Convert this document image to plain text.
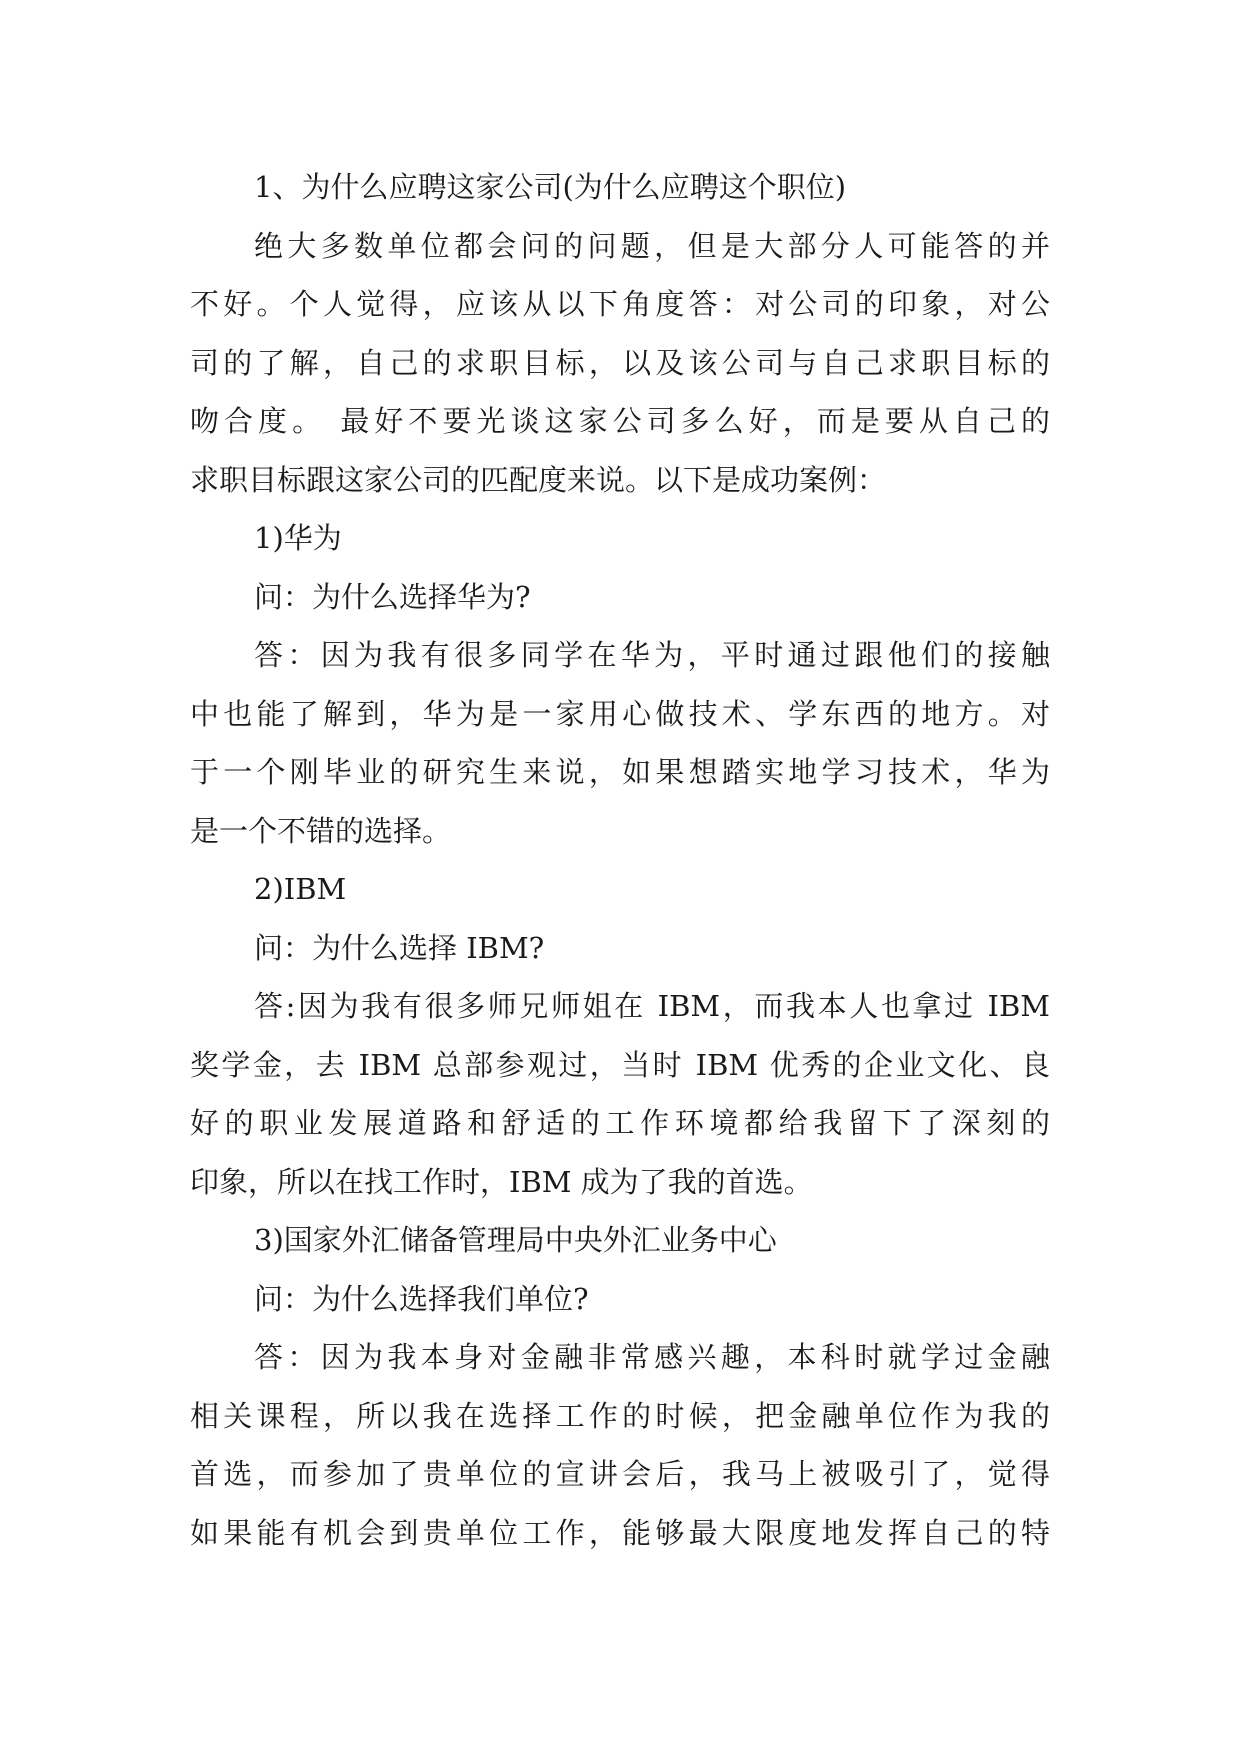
1、为什么应聘这家公司(为什么应聘这个职位)
绝大多数单位都会问的问题，但是大部分人可能答的并
不好。个人觉得，应该从以下角度答：对公司的印象，对公
司的了解，自己的求职目标，以及该公司与自己求职目标的
吻合度。 最好不要光谈这家公司多么好，而是要从自己的
求职目标跟这家公司的匹配度来说。以下是成功案例：
1)华为
问：为什么选择华为?
答：因为我有很多同学在华为，平时通过跟他们的接触
中也能了解到，华为是一家用心做技术、学东西的地方。对
于一个刚毕业的研究生来说，如果想踏实地学习技术，华为
是一个不错的选择。
2)IBM
问：为什么选择 IBM?
答:因为我有很多师兄师姐在 IBM，而我本人也拿过 IBM
奖学金，去 IBM 总部参观过，当时 IBM 优秀的企业文化、良
好的职业发展道路和舒适的工作环境都给我留下了深刻的
印象，所以在找工作时，IBM 成为了我的首选。
3)国家外汇储备管理局中央外汇业务中心
问：为什么选择我们单位?
答：因为我本身对金融非常感兴趣，本科时就学过金融
相关课程，所以我在选择工作的时候，把金融单位作为我的
首选，而参加了贵单位的宣讲会后，我马上被吸引了，觉得
如果能有机会到贵单位工作，能够最大限度地发挥自己的特
